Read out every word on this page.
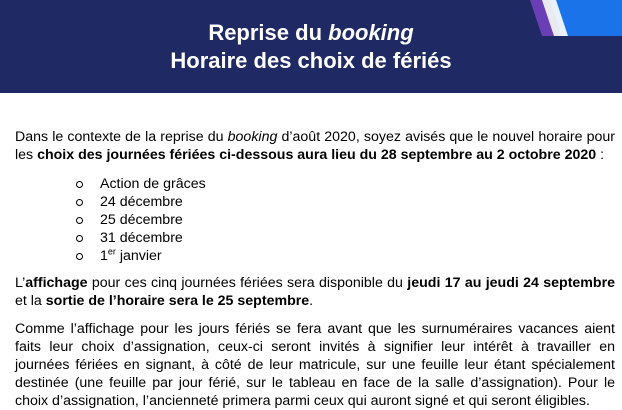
Reprise du booking
Horaire des choix de fériés
Dans le contexte de la reprise du booking d’août 2020, soyez avisés que le nouvel horaire pour les choix des journées fériées ci-dessous aura lieu du 28 septembre au 2 octobre 2020 :
Action de grâces
24 décembre
25 décembre
31 décembre
1er janvier
L’affichage pour ces cinq journées fériées sera disponible du jeudi 17 au jeudi 24 septembre et la sortie de l’horaire sera le 25 septembre.
Comme l’affichage pour les jours fériés se fera avant que les surnuméraires vacances aient faits leur choix d’assignation, ceux-ci seront invités à signifier leur intérêt à travailler en journées fériées en signant, à côté de leur matricule, sur une feuille leur étant spécialement destinée (une feuille par jour férié, sur le tableau en face de la salle d’assignation). Pour le choix d’assignation, l’ancienneté primera parmi ceux qui auront signé et qui seront éligibles.
